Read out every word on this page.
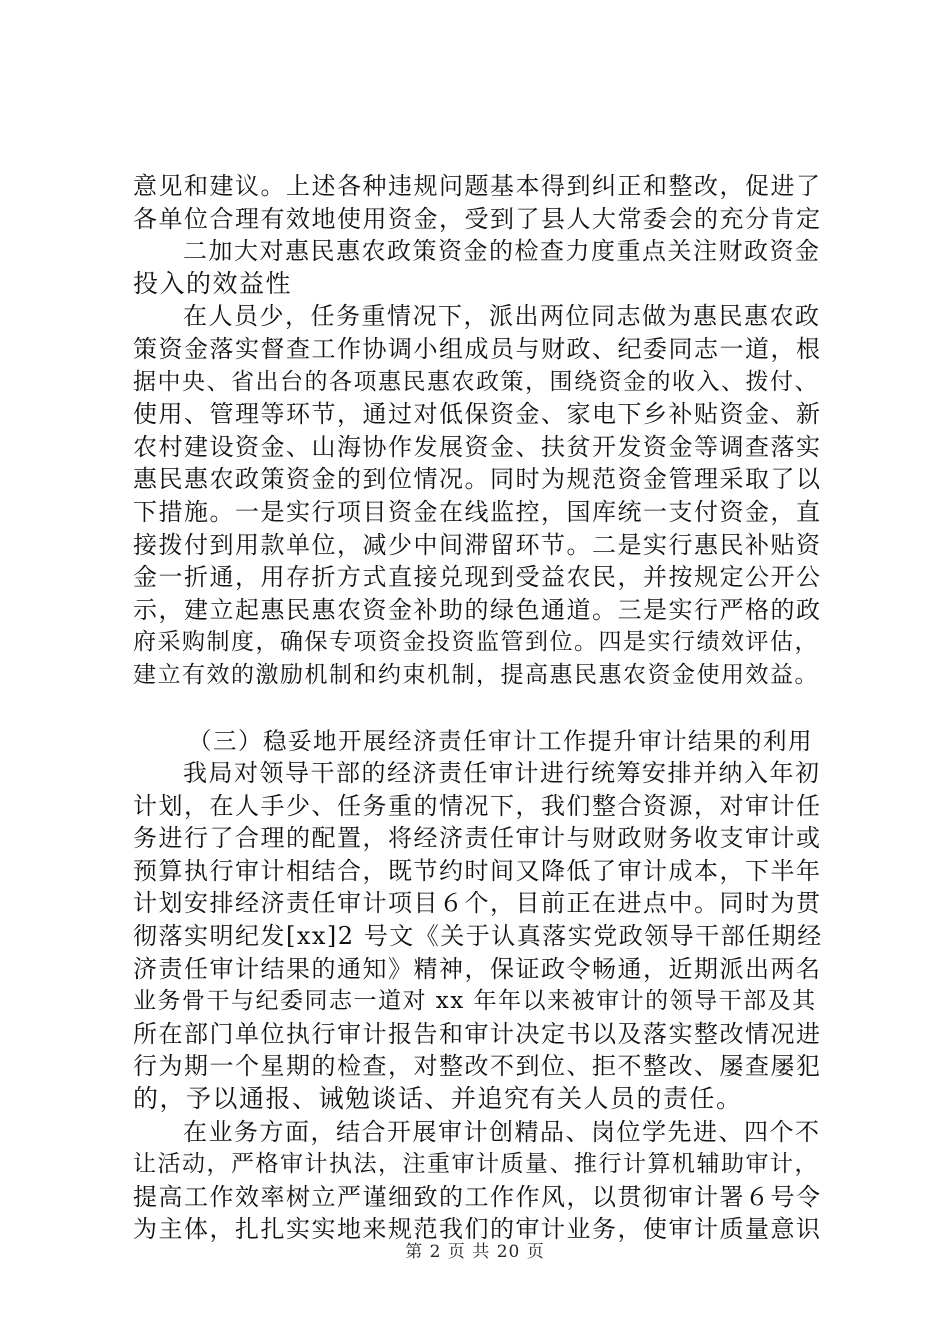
意见和建议。上述各种违规问题基本得到纠正和整改，促进了
各单位合理有效地使用资金，受到了县人大常委会的充分肯定
二加大对惠民惠农政策资金的检查力度重点关注财政资金
投入的效益性
在人员少，任务重情况下，派出两位同志做为惠民惠农政
策资金落实督查工作协调小组成员与财政、纪委同志一道，根
据中央、省出台的各项惠民惠农政策，围绕资金的收入、拨付、
使用、管理等环节，通过对低保资金、家电下乡补贴资金、新
农村建设资金、山海协作发展资金、扶贫开发资金等调查落实
惠民惠农政策资金的到位情况。同时为规范资金管理采取了以
下措施。一是实行项目资金在线监控，国库统一支付资金，直
接拨付到用款单位，减少中间滞留环节。二是实行惠民补贴资
金一折通，用存折方式直接兑现到受益农民，并按规定公开公
示，建立起惠民惠农资金补助的绿色通道。三是实行严格的政
府采购制度，确保专项资金投资监管到位。四是实行绩效评估，
建立有效的激励机制和约束机制，提高惠民惠农资金使用效益。
（三）稳妥地开展经济责任审计工作提升审计结果的利用
我局对领导干部的经济责任审计进行统筹安排并纳入年初
计划，在人手少、任务重的情况下，我们整合资源，对审计任
务进行了合理的配置，将经济责任审计与财政财务收支审计或
预算执行审计相结合，既节约时间又降低了审计成本，下半年
计划安排经济责任审计项目６个，目前正在进点中。同时为贯
彻落实明纪发[xx]2 号文《关于认真落实党政领导干部任期经
济责任审计结果的通知》精神，保证政令畅通，近期派出两名
业务骨干与纪委同志一道对 xx 年年以来被审计的领导干部及其
所在部门单位执行审计报告和审计决定书以及落实整改情况进
行为期一个星期的检查，对整改不到位、拒不整改、屡查屡犯
的，予以通报、诫勉谈话、并追究有关人员的责任。
在业务方面，结合开展审计创精品、岗位学先进、四个不
让活动，严格审计执法，注重审计质量、推行计算机辅助审计，
提高工作效率树立严谨细致的工作作风，以贯彻审计署６号令
为主体，扎扎实实地来规范我们的审计业务，使审计质量意识
第 2 页 共 20 页
